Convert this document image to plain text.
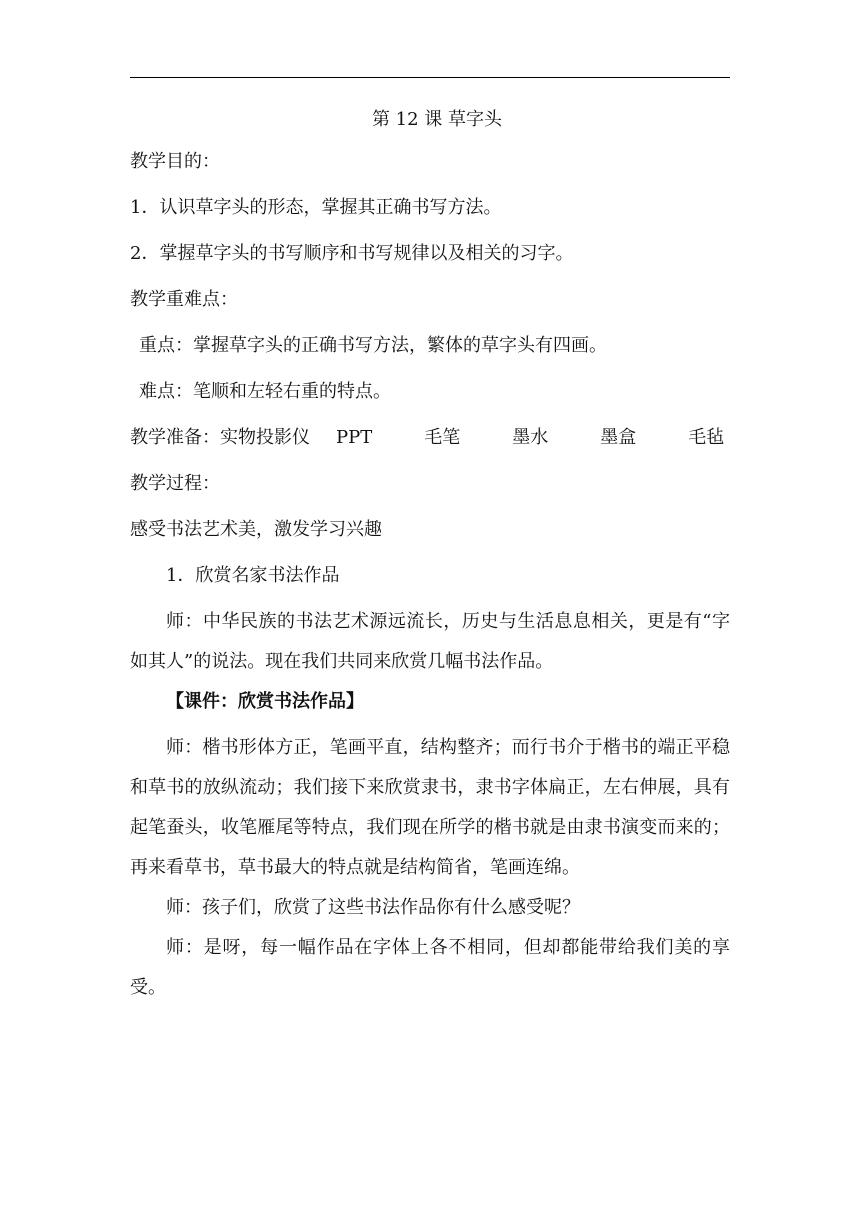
第 12 课 草字头
教学目的：
1．认识草字头的形态，掌握其正确书写方法。
2．掌握草字头的书写顺序和书写规律以及相关的习字。
教学重难点：
重点：掌握草字头的正确书写方法，繁体的草字头有四画。
难点：笔顺和左轻右重的特点。
教学准备：实物投影仪 PPT	毛笔	墨水	墨盒	毛毡
教学过程：
感受书法艺术美，激发学习兴趣
1．欣赏名家书法作品

师：中华民族的书法艺术源远流长，历史与生活息息相关，更是有“字如其人”的说法。现在我们共同来欣赏几幅书法作品。

【课件：欣赏书法作品】

师：楷书形体方正，笔画平直，结构整齐；而行书介于楷书的端正平稳和草书的放纵流动；我们接下来欣赏隶书，隶书字体扁正，左右伸展，具有起笔蚕头，收笔雁尾等特点，我们现在所学的楷书就是由隶书演变而来的；再来看草书，草书最大的特点就是结构简省，笔画连绵。

师：孩子们，欣赏了这些书法作品你有什么感受呢？

师：是呀，每一幅作品在字体上各不相同，但却都能带给我们美的享受。
